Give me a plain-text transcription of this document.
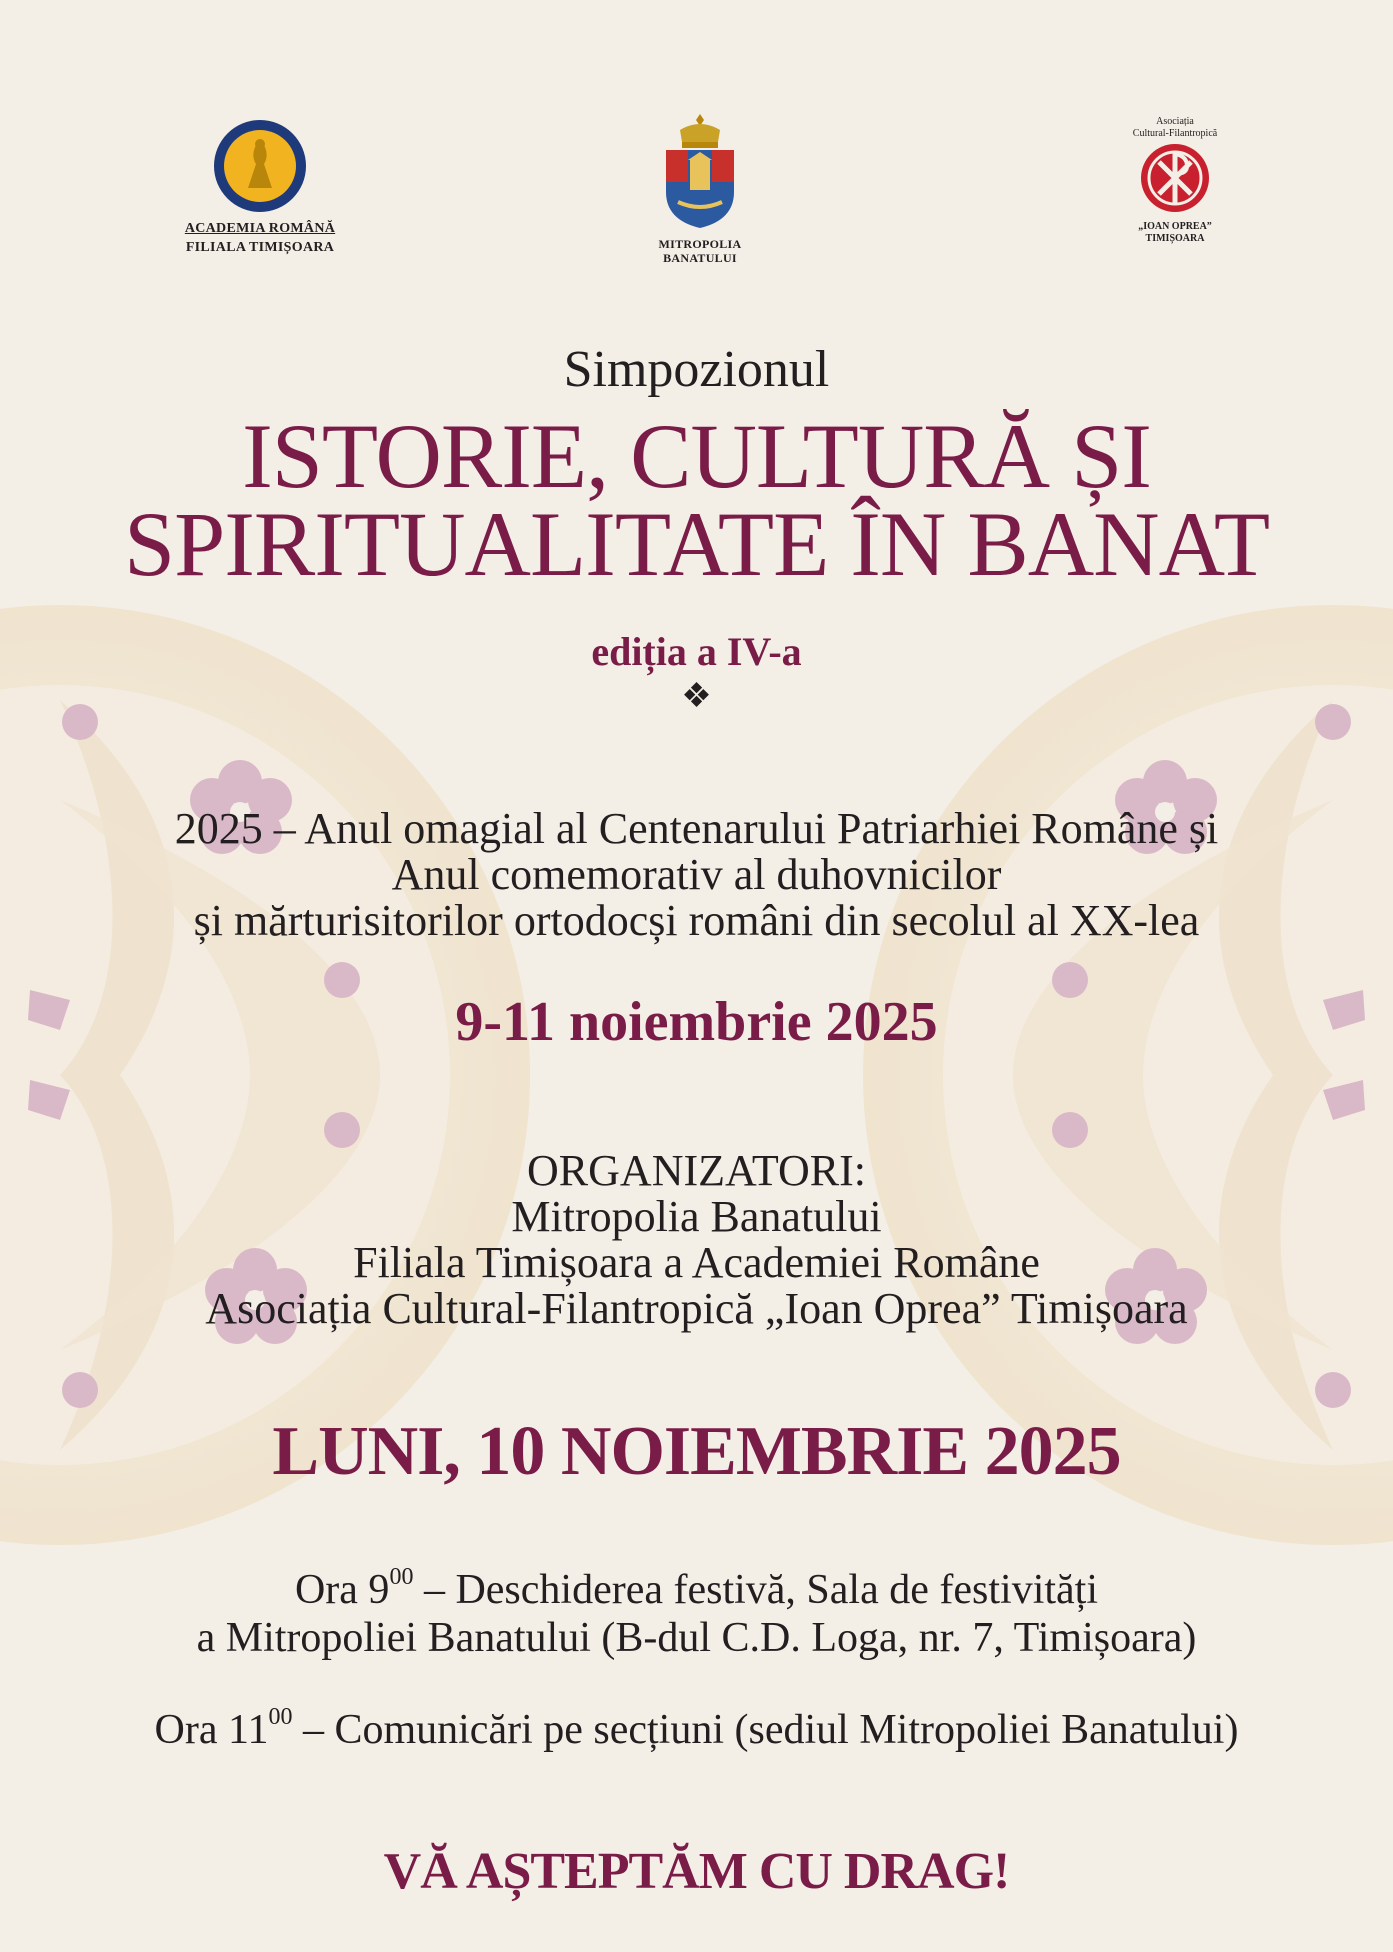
ACADEMIA ROMÂNĂ
FILIALA TIMIȘOARA	MITROPOLIA
BANATULUI
Asociația
Cultural-Filantropică
„IOAN OPREA”
TIMIȘOARA
Simpozionul
ISTORIE, CULTURĂ ȘI
SPIRITUALITATE ÎN BANAT
ediția a IV-a
❖
2025 – Anul omagial al Centenarului Patriarhiei Române și
Anul comemorativ al duhovnicilor
și mărturisitorilor ortodocși români din secolul al XX-lea
9-11 noiembrie 2025
ORGANIZATORI:
Mitropolia Banatului
Filiala Timișoara a Academiei Române
Asociația Cultural-Filantropică „Ioan Oprea” Timișoara
LUNI, 10 NOIEMBRIE 2025
Ora $9^{00}$ – Deschiderea festivă, Sala de festivități
a Mitropoliei Banatului (B-dul C.D. Loga, nr. 7, Timișoara)
Ora $11^{00}$ – Comunicări pe secțiuni (sediul Mitropoliei Banatului)
VĂ AȘTEPTĂM CU DRAG!
